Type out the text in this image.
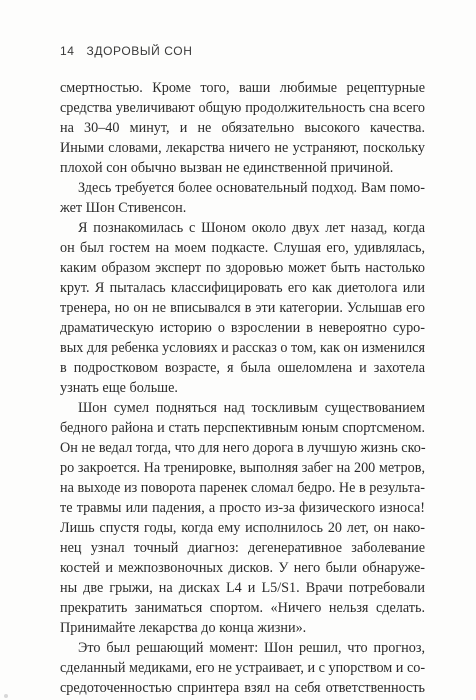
14 ЗДОРОВЫЙ СОН
смертностью. Кроме того, ваши любимые рецептурные
средства увеличивают общую продолжительность сна всего
на 30–40 минут, и не обязательно высокого качества.
Иными словами, лекарства ничего не устраняют, поскольку
плохой сон обычно вызван не единственной причиной.
Здесь требуется более основательный подход. Вам помо-
жет Шон Стивенсон.
Я познакомилась с Шоном около двух лет назад, когда
он был гостем на моем подкасте. Слушая его, удивлялась,
каким образом эксперт по здоровью может быть настолько
крут. Я пыталась классифицировать его как диетолога или
тренера, но он не вписывался в эти категории. Услышав его
драматическую историю о взрослении в невероятно суро-
вых для ребенка условиях и рассказ о том, как он изменился
в подростковом возрасте, я была ошеломлена и захотела
узнать еще больше.
Шон сумел подняться над тоскливым существованием
бедного района и стать перспективным юным спортсменом.
Он не ведал тогда, что для него дорога в лучшую жизнь ско-
ро закроется. На тренировке, выполняя забег на 200 метров,
на выходе из поворота паренек сломал бедро. Не в результа-
те травмы или падения, а просто из-за физического износа!
Лишь спустя годы, когда ему исполнилось 20 лет, он нако-
нец узнал точный диагноз: дегенеративное заболевание
костей и межпозвоночных дисков. У него были обнаруже-
ны две грыжи, на дисках L4 и L5/S1. Врачи потребовали
прекратить заниматься спортом. «Ничего нельзя сделать.
Принимайте лекарства до конца жизни».
Это был решающий момент: Шон решил, что прогноз,
сделанный медиками, его не устраивает, и с упорством и со-
средоточенностью спринтера взял на себя ответственность
